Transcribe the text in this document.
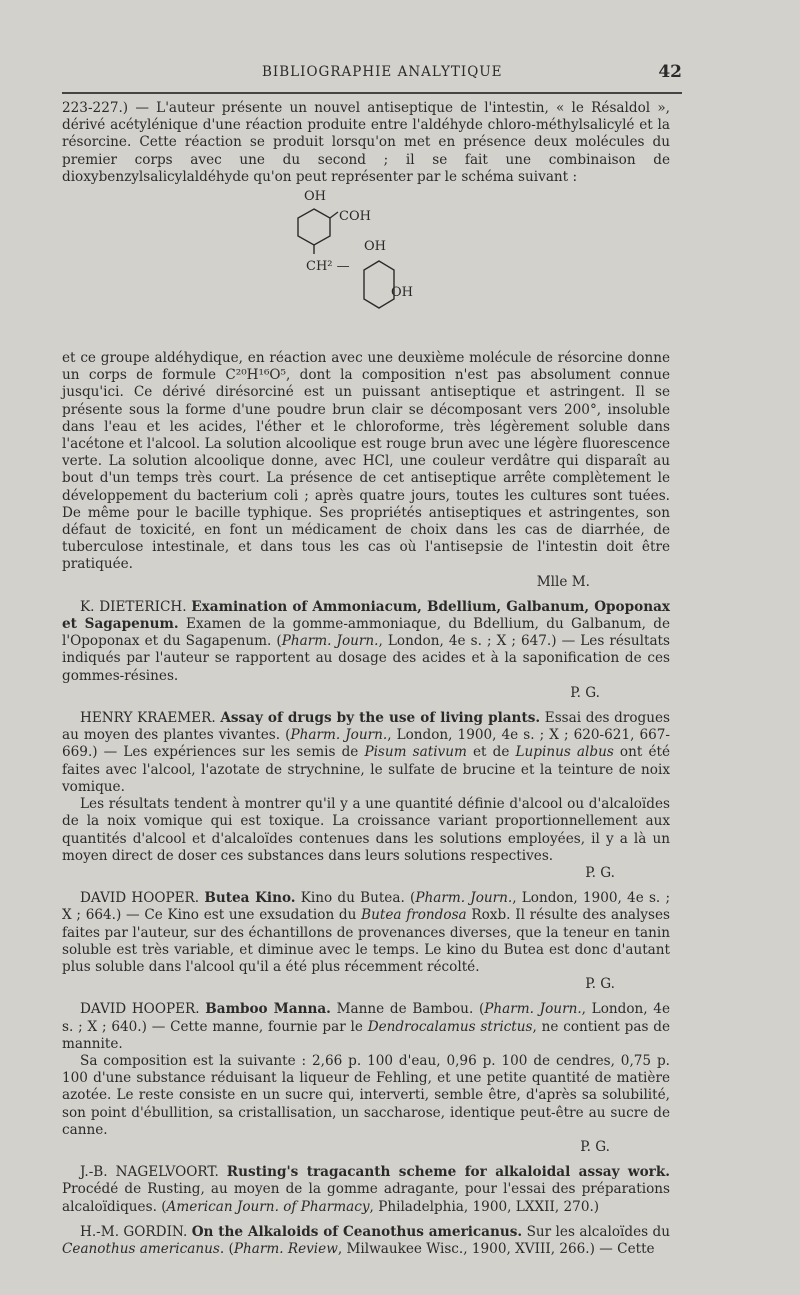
BIBLIOGRAPHIE ANALYTIQUE	42

223-227.) — L'auteur présente un nouvel antiseptique de l'intestin, « le Résaldol », dérivé acétylénique d'une réaction produite entre l'aldéhyde chloro-méthylsalicylé et la résorcine. Cette réaction se produit lorsqu'on met en présence deux molécules du premier corps avec une du second ; il se fait une combinaison de dioxybenzylsalicylaldéhyde qu'on peut représenter par le schéma suivant :

OH
COH
OH
CH² —
OH

et ce groupe aldéhydique, en réaction avec une deuxième molécule de résorcine donne un corps de formule C²⁰H¹⁶O⁵, dont la composition n'est pas absolument connue jusqu'ici. Ce dérivé dirésorciné est un puissant antiseptique et astringent. Il se présente sous la forme d'une poudre brun clair se décomposant vers 200°, insoluble dans l'eau et les acides, l'éther et le chloroforme, très légèrement soluble dans l'acétone et l'alcool. La solution alcoolique est rouge brun avec une légère fluorescence verte. La solution alcoolique donne, avec HCl, une couleur verdâtre qui disparaît au bout d'un temps très court. La présence de cet antiseptique arrête complètement le développement du bacterium coli ; après quatre jours, toutes les cultures sont tuées. De même pour le bacille typhique. Ses propriétés antiseptiques et astringentes, son défaut de toxicité, en font un médicament de choix dans les cas de diarrhée, de tuberculose intestinale, et dans tous les cas où l'antisepsie de l'intestin doit être pratiquée.

Mlle M.

K. DIETERICH. Examination of Ammoniacum, Bdellium, Galbanum, Opoponax et Sagapenum. Examen de la gomme-ammoniaque, du Bdellium, du Galbanum, de l'Opoponax et du Sagapenum. (Pharm. Journ., London, 4e s. ; X ; 647.) — Les résultats indiqués par l'auteur se rapportent au dosage des acides et à la saponification de ces gommes-résines.

P. G.

HENRY KRAEMER. Assay of drugs by the use of living plants. Essai des drogues au moyen des plantes vivantes. (Pharm. Journ., London, 1900, 4e s. ; X ; 620-621, 667-669.) — Les expériences sur les semis de Pisum sativum et de Lupinus albus ont été faites avec l'alcool, l'azotate de strychnine, le sulfate de brucine et la teinture de noix vomique.

Les résultats tendent à montrer qu'il y a une quantité définie d'alcool ou d'alcaloïdes de la noix vomique qui est toxique. La croissance variant proportionnellement aux quantités d'alcool et d'alcaloïdes contenues dans les solutions employées, il y a là un moyen direct de doser ces substances dans leurs solutions respectives.

P. G.

DAVID HOOPER. Butea Kino. Kino du Butea. (Pharm. Journ., London, 1900, 4e s. ; X ; 664.) — Ce Kino est une exsudation du Butea frondosa Roxb. Il résulte des analyses faites par l'auteur, sur des échantillons de provenances diverses, que la teneur en tanin soluble est très variable, et diminue avec le temps. Le kino du Butea est donc d'autant plus soluble dans l'alcool qu'il a été plus récemment récolté.

P. G.

DAVID HOOPER. Bamboo Manna. Manne de Bambou. (Pharm. Journ., London, 4e s. ; X ; 640.) — Cette manne, fournie par le Dendrocalamus strictus, ne contient pas de mannite.

Sa composition est la suivante : 2,66 p. 100 d'eau, 0,96 p. 100 de cendres, 0,75 p. 100 d'une substance réduisant la liqueur de Fehling, et une petite quantité de matière azotée. Le reste consiste en un sucre qui, interverti, semble être, d'après sa solubilité, son point d'ébullition, sa cristallisation, un saccharose, identique peut-être au sucre de canne.

P. G.

J.-B. NAGELVOORT. Rusting's tragacanth scheme for alkaloidal assay work. Procédé de Rusting, au moyen de la gomme adragante, pour l'essai des préparations alcaloïdiques. (American Journ. of Pharmacy, Philadelphia, 1900, LXXII, 270.)

H.-M. GORDIN. On the Alkaloids of Ceanothus americanus. Sur les alcaloïdes du Ceanothus americanus. (Pharm. Review, Milwaukee Wisc., 1900, XVIII, 266.) — Cette
